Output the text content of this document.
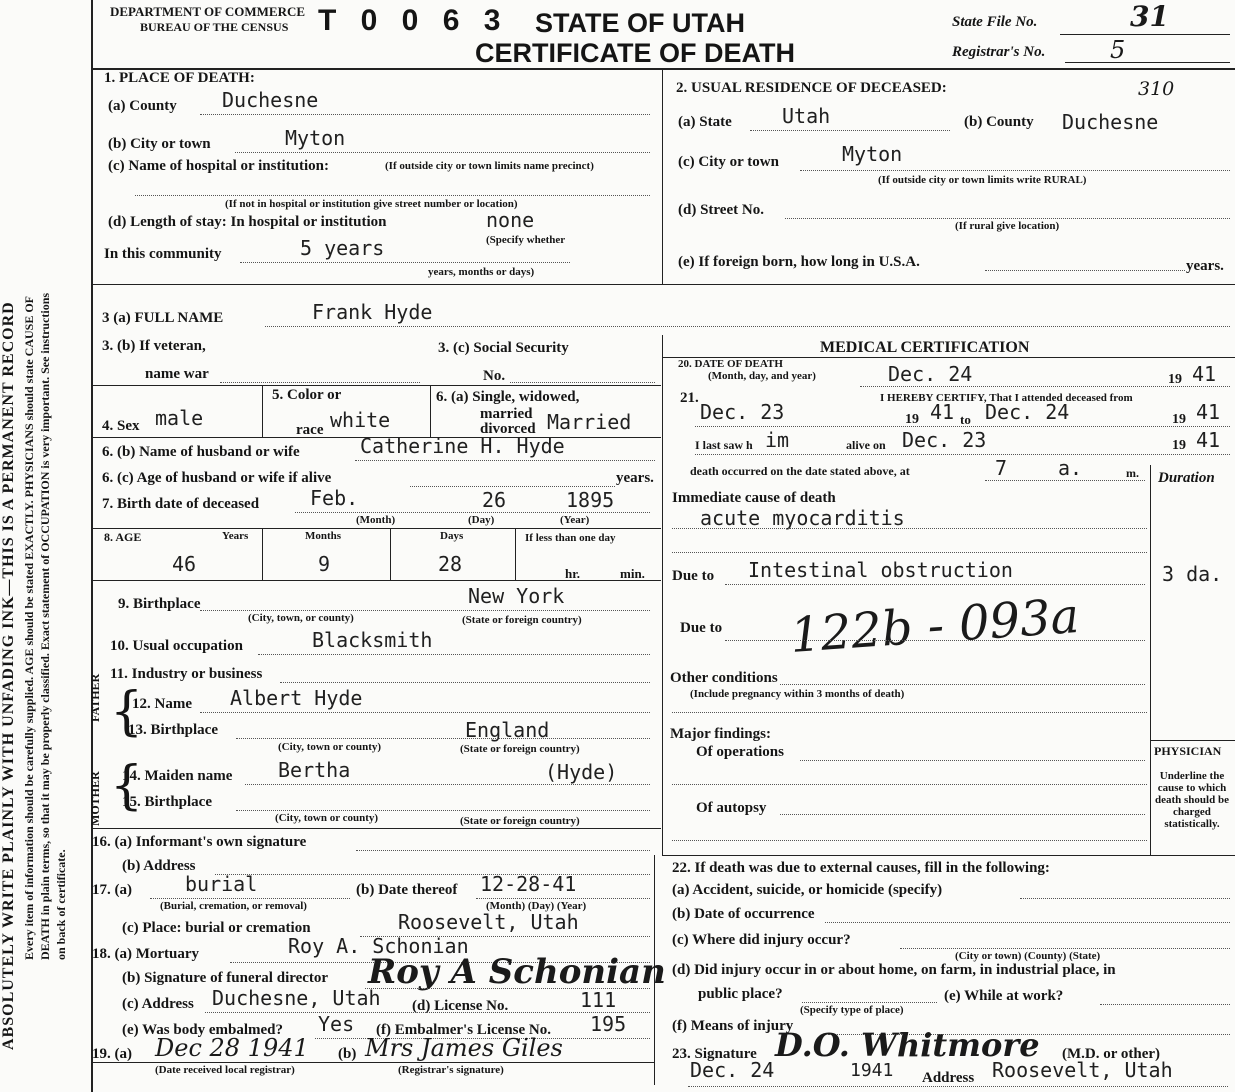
ABSOLUTELY WRITE PLAINLY WITH UNFADING INK—THIS IS A PERMANENT RECORD Every item of information should be carefully supplied. AGE should be stated EXACTLY. PHYSICIANS should state CAUSE OF DEATH in plain terms, so that it may be properly classified. Exact statement of OCCUPATION is very important. See instructions on back of certificate.
DEPARTMENT OF COMMERCE
BUREAU OF THE CENSUS T 0 0 6 3 STATE OF UTAH
CERTIFICATE OF DEATH
State File No.	31
Registrar's No.	5
1. PLACE OF DEATH:
(a) County Duchesne
(b) City or town	Myton
(c) Name of hospital or institution:	(If outside city or town limits name precinct)
(If not in hospital or institution give street number or location)
(d) Length of stay: In hospital or institution	none
(Specify whether
In this community	5 years
years, months or days)
2. USUAL RESIDENCE OF DECEASED:	310
(a) State	Utah	(b) County Duchesne
(c) City or town	Myton
(If outside city or town limits write RURAL)
(d) Street No.
(If rural give location)
(e) If foreign born, how long in U.S.A.	years.
3 (a) FULL NAME	Frank Hyde
3. (b) If veteran,
name war
3. (c) Social Security
No.
MEDICAL CERTIFICATION
20. DATE OF DEATH
(Month, day, and year)	Dec. 24	19 41
21.	I HEREBY CERTIFY, That I attended deceased from
Dec. 23	19 41 to Dec. 24	19 41
I last saw h im	alive on Dec. 23	19 41
death occurred on the date stated above, at	7	a.	m. Duration
Immediate cause of death
acute myocarditis
Due to Intestinal obstruction	3 da.
Due to 122b - 093a
Other conditions
(Include pregnancy within 3 months of death)
Major findings:
Of operations
Of autopsy
PHYSICIAN
Underline the cause to which death should be charged statistically.
4. Sex male
5. Color or
race white
6. (a) Single, widowed,
married
divorced Married
6. (b) Name of husband or wife	Catherine H. Hyde
6. (c) Age of husband or wife if alive	years.
7. Birth date of deceased	Feb.	26	1895
(Month)	(Day)	(Year)
8. AGE	Years	Months	Days	If less than one day
46	9	28	hr.	min.
9. Birthplace	New York
(City, town, or county)	(State or foreign country)
10. Usual occupation	Blacksmith
11. Industry or business
FATHER
MOTHER
{
{
12. Name Albert Hyde
13. Birthplace	England
(City, town or county)	(State or foreign country)
14. Maiden name Bertha	(Hyde)
15. Birthplace
(City, town or county)	(State or foreign country)
16. (a) Informant's own signature
(b) Address
17. (a)	burial
(Burial, cremation, or removal)
(b) Date thereof 12-28-41
(Month) (Day) (Year)
(c) Place: burial or cremation	Roosevelt, Utah
18. (a) Mortuary	Roy A. Schonian
(b) Signature of funeral director Roy A Schonian
(c) Address Duchesne, Utah (d) License No.	111
(e) Was body embalmed? Yes (f) Embalmer's License No. 195
19. (a) Dec 28 1941 (b) Mrs James Giles
(Date received local registrar)	(Registrar's signature)
22. If death was due to external causes, fill in the following:
(a) Accident, suicide, or homicide (specify)
(b) Date of occurrence
(c) Where did injury occur?
(City or town) (County) (State)
(d) Did injury occur in or about home, on farm, in industrial place, in
public place?
(Specify type of place)
(e) While at work?
(f) Means of injury
23. Signature D.O. Whitmore (M.D. or other)
Dec. 24	1941 Address Roosevelt, Utah
